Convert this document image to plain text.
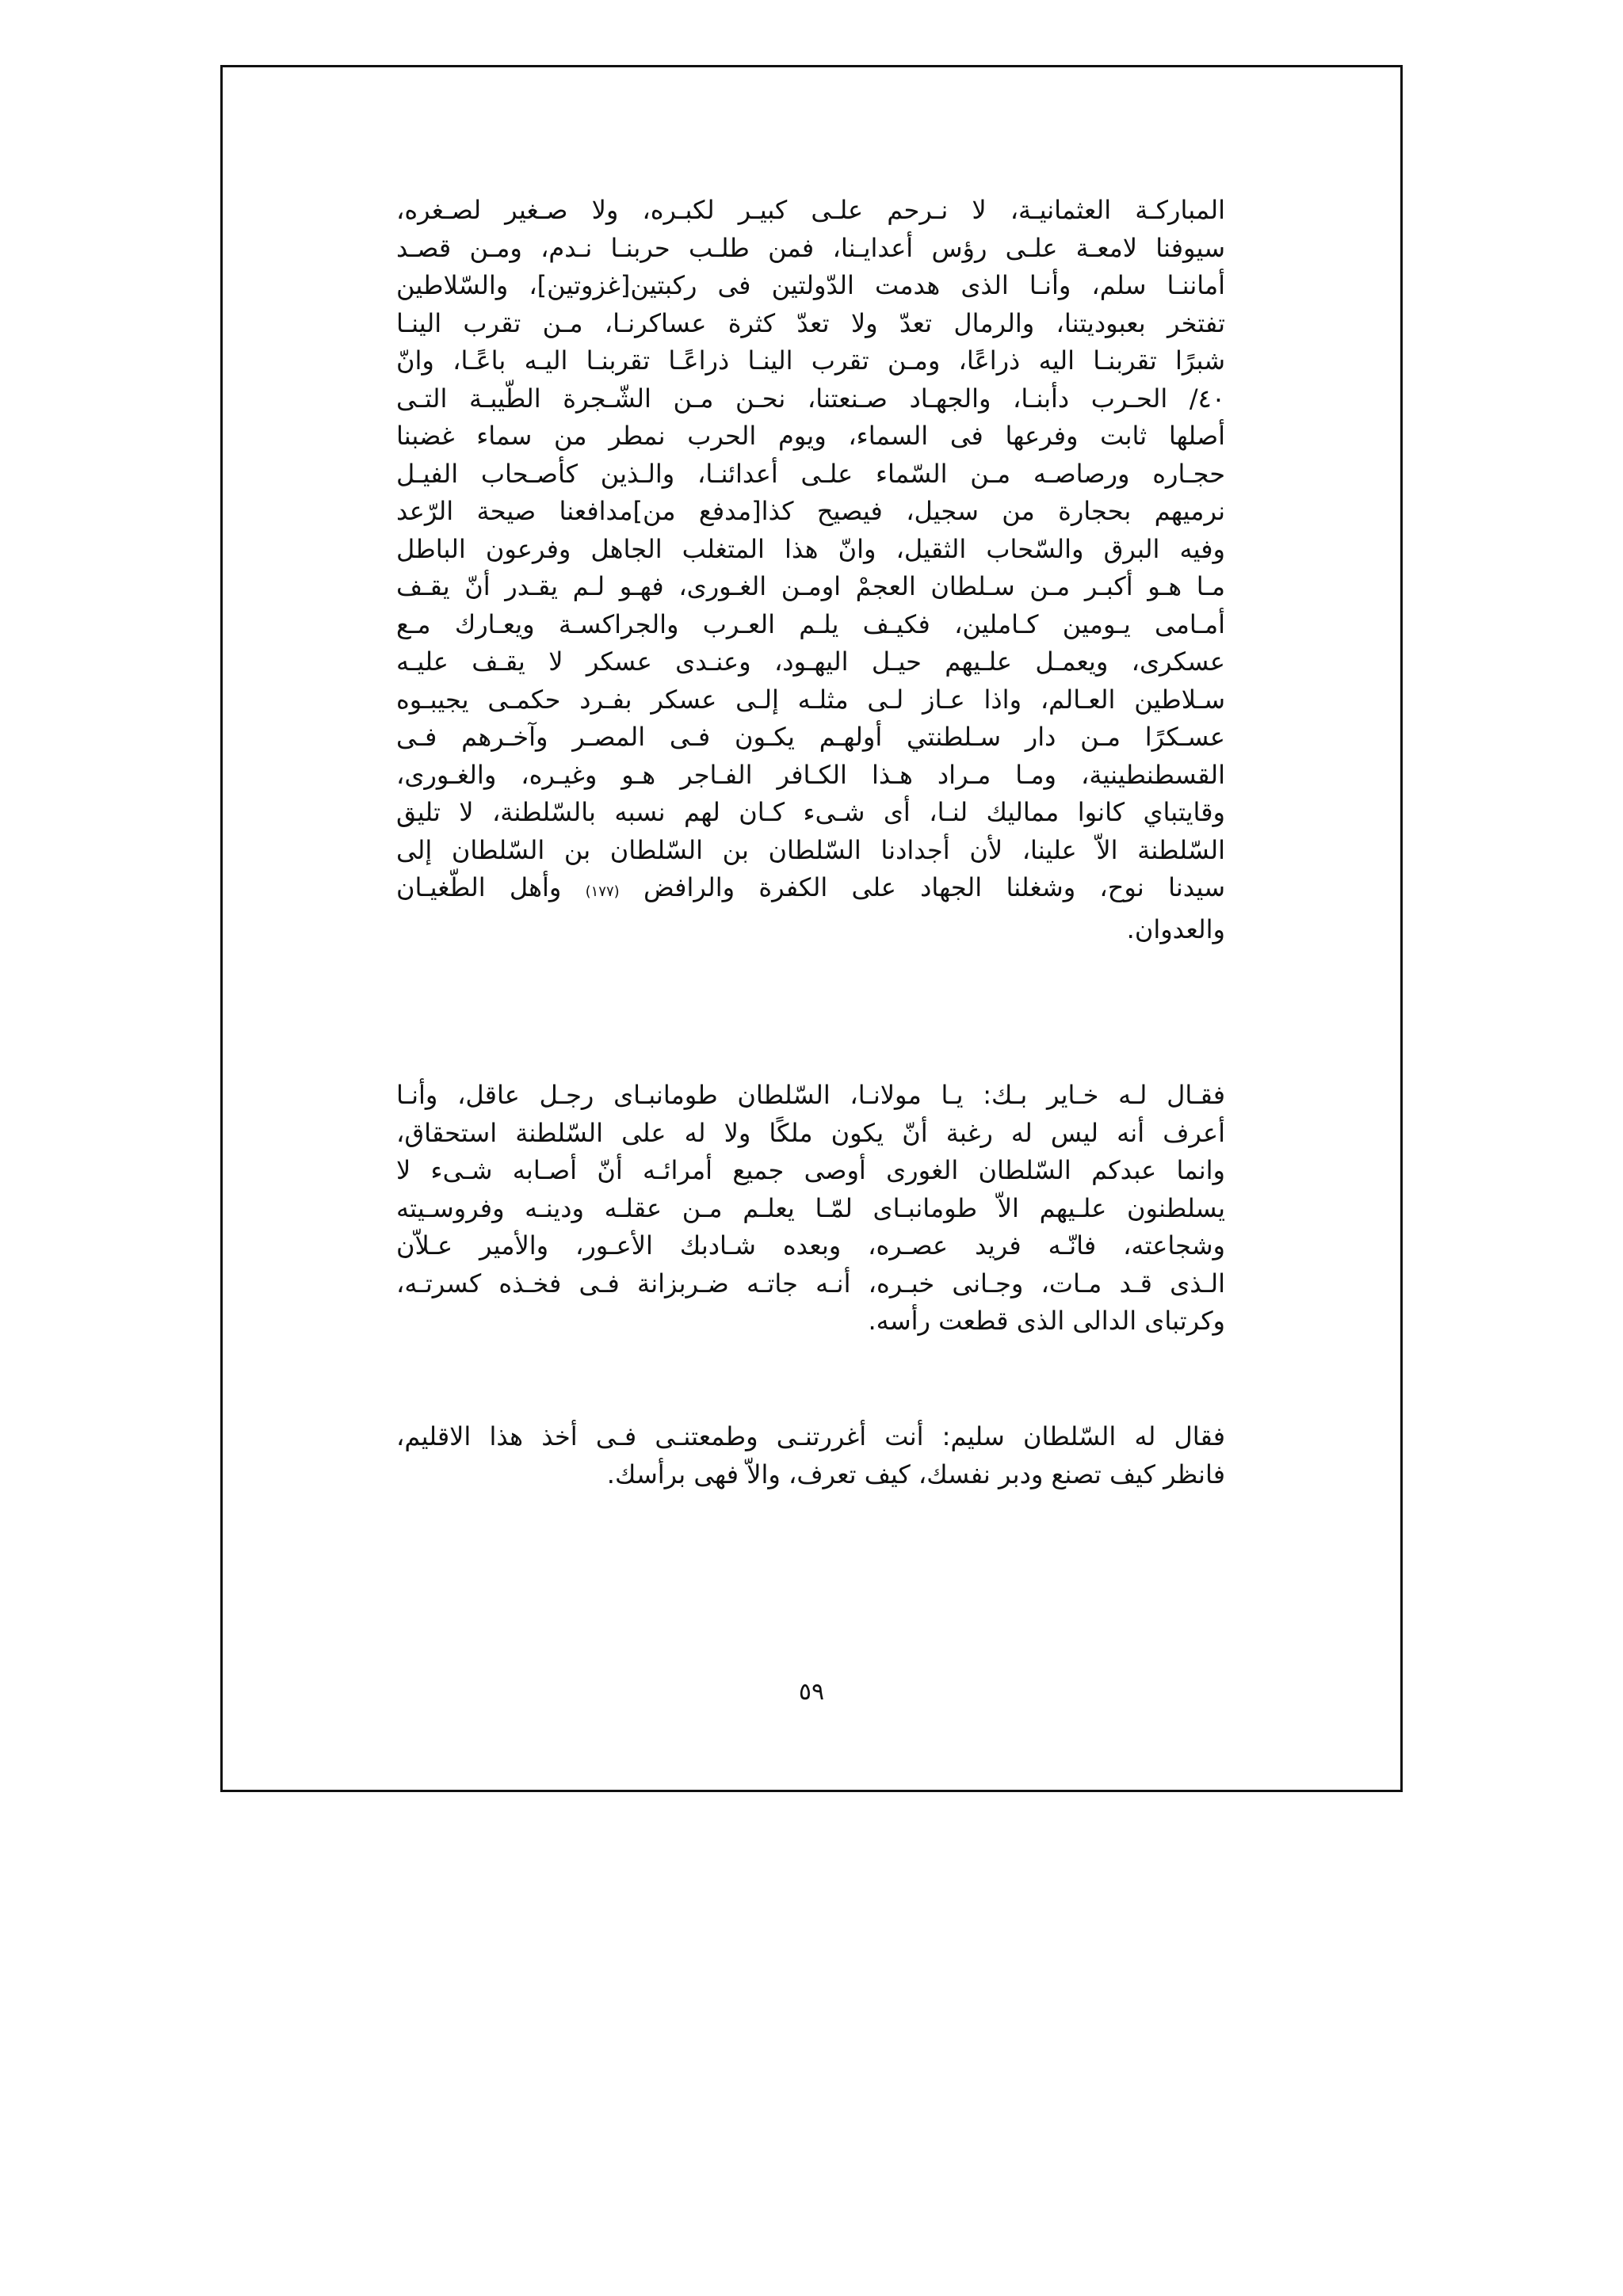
المباركـة العثمانيـة، لا نـرحم علـى كبيـر لكبـره، ولا صـغير لصـغره،
سيوفنا لامعـة علـى رؤس أعدايـنا، فمن طلـب حربنـا نـدم، ومـن قصـد
أماننـا سلم، وأنـا الذى هدمت الدّولتين فى ركبتين[غزوتين]، والسّلاطين
تفتخر بعبوديتنا، والرمال تعدّ ولا تعدّ كثرة عساكرنـا، مـن تقرب الينـا
شبرًا تقربنـا اليه ذراعًا، ومـن تقرب الينـا ذراعًـا تقربنـا اليـه باعًـا، وانّ
٤٠/ الحـرب دأبنـا، والجهـاد صـنعتنا، نحـن مـن الشّـجرة الطّيبـة التـى
أصلها ثابت وفرعها فى السماء، ويوم الحرب نمطر من سماء غضبنا
حجـاره ورصاصـه مـن السّماء علـى أعدائنـا، والـذين كأصـحاب الفيـل
نرميهم بحجارة من سجيل، فيصيح كذا[مدفع من]مدافعنا صيحة الرّعد
وفيه البرق والسّحاب الثقيل، وانّ هذا المتغلب الجاهل وفرعون الباطل
مـا هـو أكبـر مـن سـلطان العجمْ اومـن الغـورى، فهـو لـم يقـدر أنّ يقـف
أمـامى يـومين كـاملين، فكيـف يلـم العـرب والجراكسـة ويعـارك مـع
عسكرى، ويعمـل علـيهم حيـل اليهـود، وعنـدى عسكر لا يقـف عليـه
سـلاطين العـالم، واذا عـاز لـى مثلـه إلـى عسكر بفـرد حكمـى يجيبـوه
عسـكرًا مـن دار سـلطنتي أولهـم يكـون فـى المصـر وآخـرهم فـى
القسطنطينية، ومـا مـراد هـذا الكـافر الفـاجر هـو وغيـره، والغـورى،
وقايتباي كانوا مماليك لنـا، أى شـىء كـان لهم نسبه بالسّلطنة، لا تليق
السّلطنة الاّ علينا، لأن أجدادنا السّلطان بن السّلطان بن السّلطان إلى
سيدنا نوح، وشغلنا الجهاد على الكفرة والرافض (١٧٧) وأهل الطّغيـان
والعدوان.
فقـال لـه خـاير بـك: يـا مولانـا، السّلطان طومانبـاى رجـل عاقل، وأنـا
أعرف أنه ليس له رغبة أنّ يكون ملكًا ولا له على السّلطنة استحقاق،
وانما عبدكم السّلطان الغورى أوصى جميع أمرائـه أنّ أصـابه شـىء لا
يسلطنون علـيهم الاّ طومانبـاى لمّـا يعلـم مـن عقلـه ودينـه وفروسـيته
وشجاعته، فانّـه فريد عصـره، وبعده شـادبك الأعـور، والأمير عـلاّن
الـذى قـد مـات، وجـانى خبـره، أنـه جاتـه ضـربزانة فـى فخـذه كسرتـه،
وكرتباى الدالى الذى قطعت رأسه.
فقال له السّلطان سليم: أنت أغررتنـى وطمعتنـى فـى أخذ هذا الاقليم،
فانظر كيف تصنع ودبر نفسك، كيف تعرف، والاّ فهى برأسك.
٥٩
